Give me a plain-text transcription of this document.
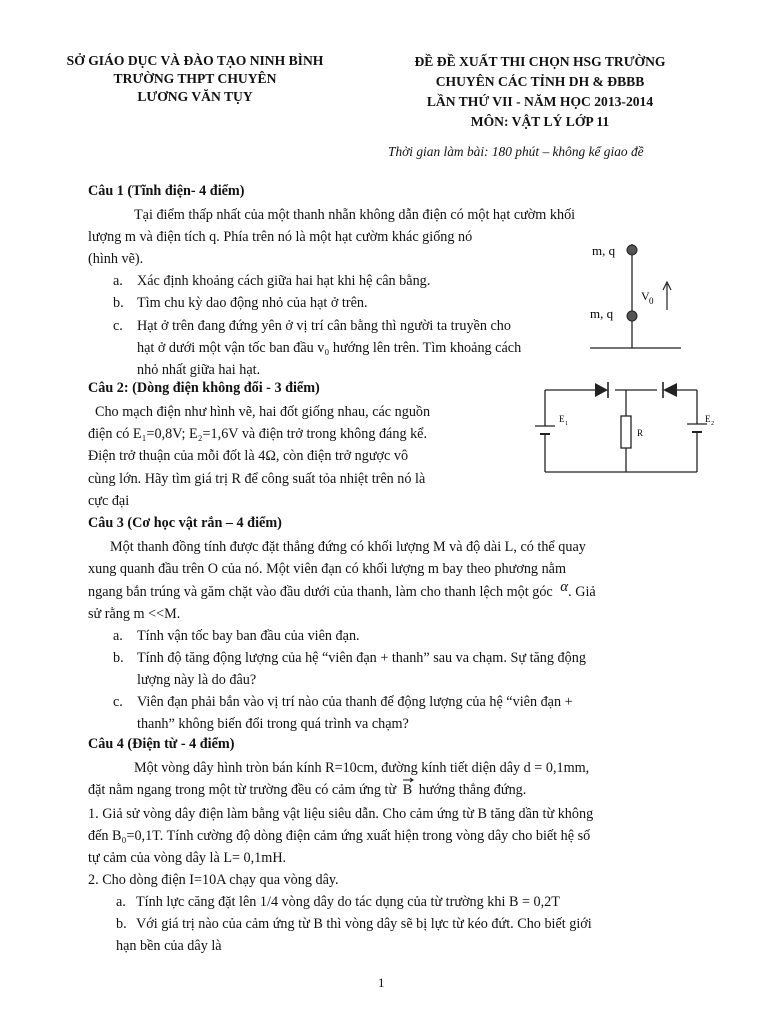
SỞ GIÁO DỤC VÀ ĐÀO TẠO NINH BÌNH
TRƯỜNG THPT CHUYÊN
LƯƠNG VĂN TỤY
ĐỀ ĐỀ XUẤT THI CHỌN HSG TRƯỜNG
CHUYÊN CÁC TỈNH DH & ĐBBB
LẦN THỨ VII - NĂM HỌC 2013-2014
MÔN: VẬT LÝ LỚP 11
Thời gian làm bài: 180 phút – không kể giao đề
Câu 1 (Tĩnh điện- 4 điểm)
Tại điểm thấp nhất của một thanh nhẵn không dẫn điện có một hạt cườm khối
lượng m và điện tích q. Phía trên nó là một hạt cườm khác giống nó
(hình vẽ).
a. Xác định khoảng cách giữa hai hạt khi hệ cân bằng.
b. Tìm chu kỳ dao động nhỏ của hạt ở trên.
c. Hạt ở trên đang đứng yên ở vị trí cân bằng thì người ta truyền cho
hạt ở dưới một vận tốc ban đầu v₀ hướng lên trên. Tìm khoảng cách
nhỏ nhất giữa hai hạt.
m, q
m, q
V 0
Câu 2: (Dòng điện không đổi - 3 điểm)
Cho mạch điện như hình vẽ, hai đốt giống nhau, các nguồn
điện có E₁=0,8V; E₂=1,6V và điện trở trong không đáng kể.
Điện trở thuận của mỗi đốt là 4Ω, còn điện trở ngược vô
cùng lớn. Hãy tìm giá trị R để công suất tỏa nhiệt trên nó là
cực đại
E 1
R
E 2
Câu 3 (Cơ học vật rắn – 4 điểm)
Một thanh đồng tính được đặt thẳng đứng có khối lượng M và độ dài L, có thể quay
xung quanh đầu trên O của nó. Một viên đạn có khối lượng m bay theo phương nằm
ngang bắn trúng và găm chặt vào đầu dưới của thanh, làm cho thanh lệch một góc α. Giả
sử rằng m <<M.
a. Tính vận tốc bay ban đầu của viên đạn.
b. Tính độ tăng động lượng của hệ “viên đạn + thanh” sau va chạm. Sự tăng động
lượng này là do đâu?
c. Viên đạn phải bắn vào vị trí nào của thanh để động lượng của hệ “viên đạn +
thanh” không biến đổi trong quá trình va chạm?
Câu 4 (Điện từ - 4 điểm)
Một vòng dây hình tròn bán kính R=10cm, đường kính tiết diện dây d = 0,1mm,
đặt nằm ngang trong một từ trường đều có cảm ứng từ B hướng thẳng đứng.
1. Giả sử vòng dây điện làm bằng vật liệu siêu dẫn. Cho cảm ứng từ B tăng dần từ không
đến B₀=0,1T. Tính cường độ dòng điện cảm ứng xuất hiện trong vòng dây cho biết hệ số
tự cảm của vòng dây là L= 0,1mH.
2. Cho dòng điện I=10A chạy qua vòng dây.
a. Tính lực căng đặt lên 1/4 vòng dây do tác dụng của từ trường khi B = 0,2T
b. Với giá trị nào của cảm ứng từ B thì vòng dây sẽ bị lực từ kéo đứt. Cho biết giới
hạn bền của dây là
1
